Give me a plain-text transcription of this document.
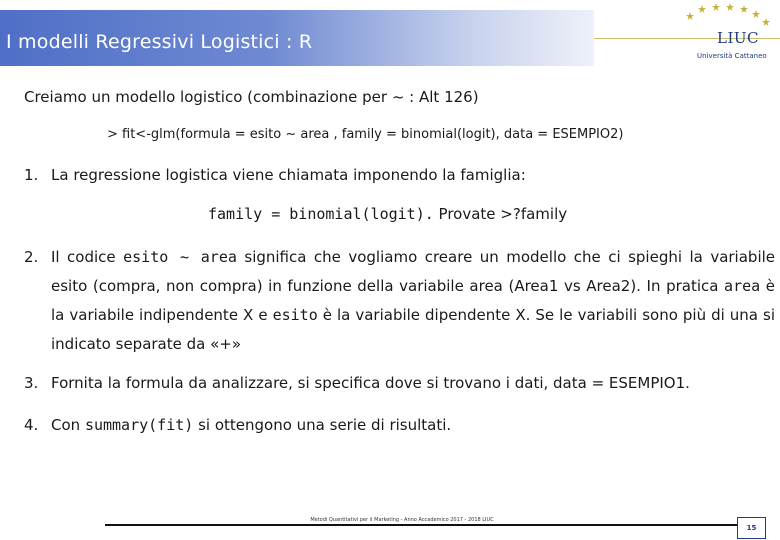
I modelli Regressivi Logistici : R	LIUC
Università Cattaneo
Creiamo un modello logistico (combinazione per ~ : Alt 126)
> fit<-glm(formula = esito ~ area , family = binomial(logit), data = ESEMPIO2)
1. La regressione logistica viene chiamata imponendo la famiglia:
family = binomial(logit). Provate >?family
2. Il codice esito ~ area significa che vogliamo creare un modello che ci spieghi la variabile esito (compra, non compra) in funzione della variabile area (Area1 vs Area2). In pratica area è la variabile indipendente X e esito è la variabile dipendente X. Se le variabili sono più di una si indicato separate da «+»
3. Fornita la formula da analizzare, si specifica dove si trovano i dati, data = ESEMPIO1.
4. Con summary(fit) si ottengono una serie di risultati.
Metodi Quantitativi per il Marketing - Anno Accademico 2017 - 2018 LIUC
15
